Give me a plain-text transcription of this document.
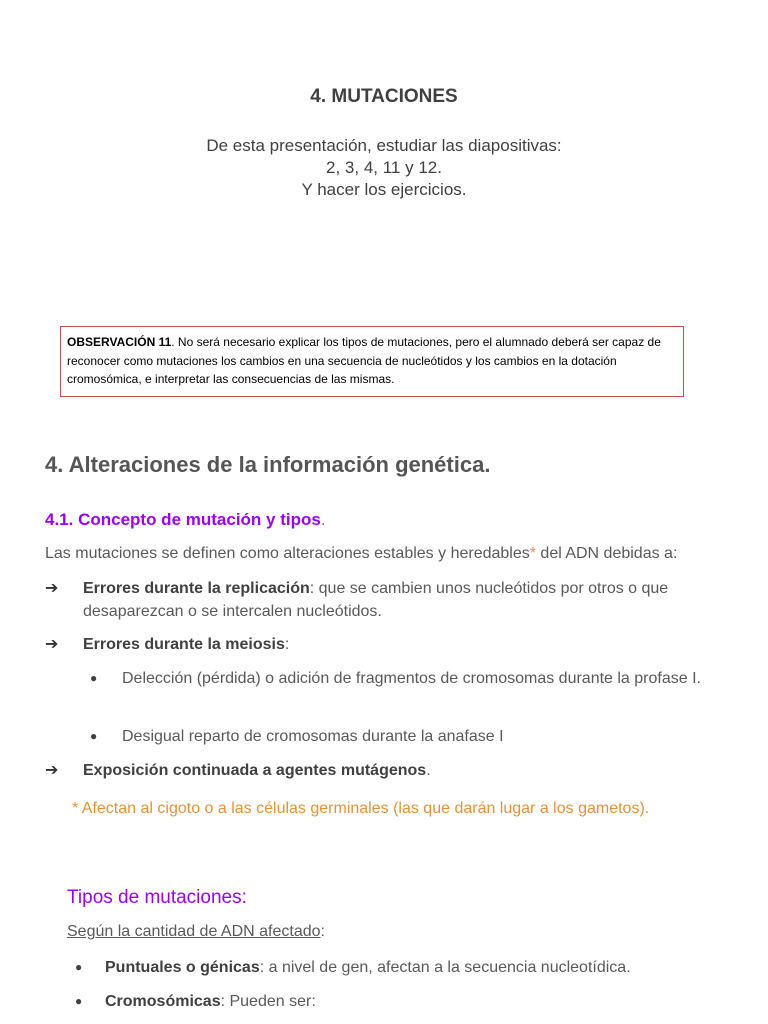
4. MUTACIONES
De esta presentación, estudiar las diapositivas:
2, 3, 4, 11 y 12.
Y hacer los ejercicios.
OBSERVACIÓN 11. No será necesario explicar los tipos de mutaciones, pero el alumnado deberá ser capaz de reconocer como mutaciones los cambios en una secuencia de nucleótidos y los cambios en la dotación cromosómica, e interpretar las consecuencias de las mismas.
4. Alteraciones de la información genética.
4.1. Concepto de mutación y tipos.
Las mutaciones se definen como alteraciones estables y heredables* del ADN debidas a:
➔ Errores durante la replicación: que se cambien unos nucleótidos por otros o que desaparezcan o se intercalen nucleótidos.
➔ Errores durante la meiosis:
● Delección (pérdida) o adición de fragmentos de cromosomas durante la profase I.
● Desigual reparto de cromosomas durante la anafase I
➔ Exposición continuada a agentes mutágenos.
* Afectan al cigoto o a las células germinales (las que darán lugar a los gametos).
Tipos de mutaciones:
Según la cantidad de ADN afectado:
● Puntuales o génicas: a nivel de gen, afectan a la secuencia nucleotídica.
● Cromosómicas: Pueden ser:
